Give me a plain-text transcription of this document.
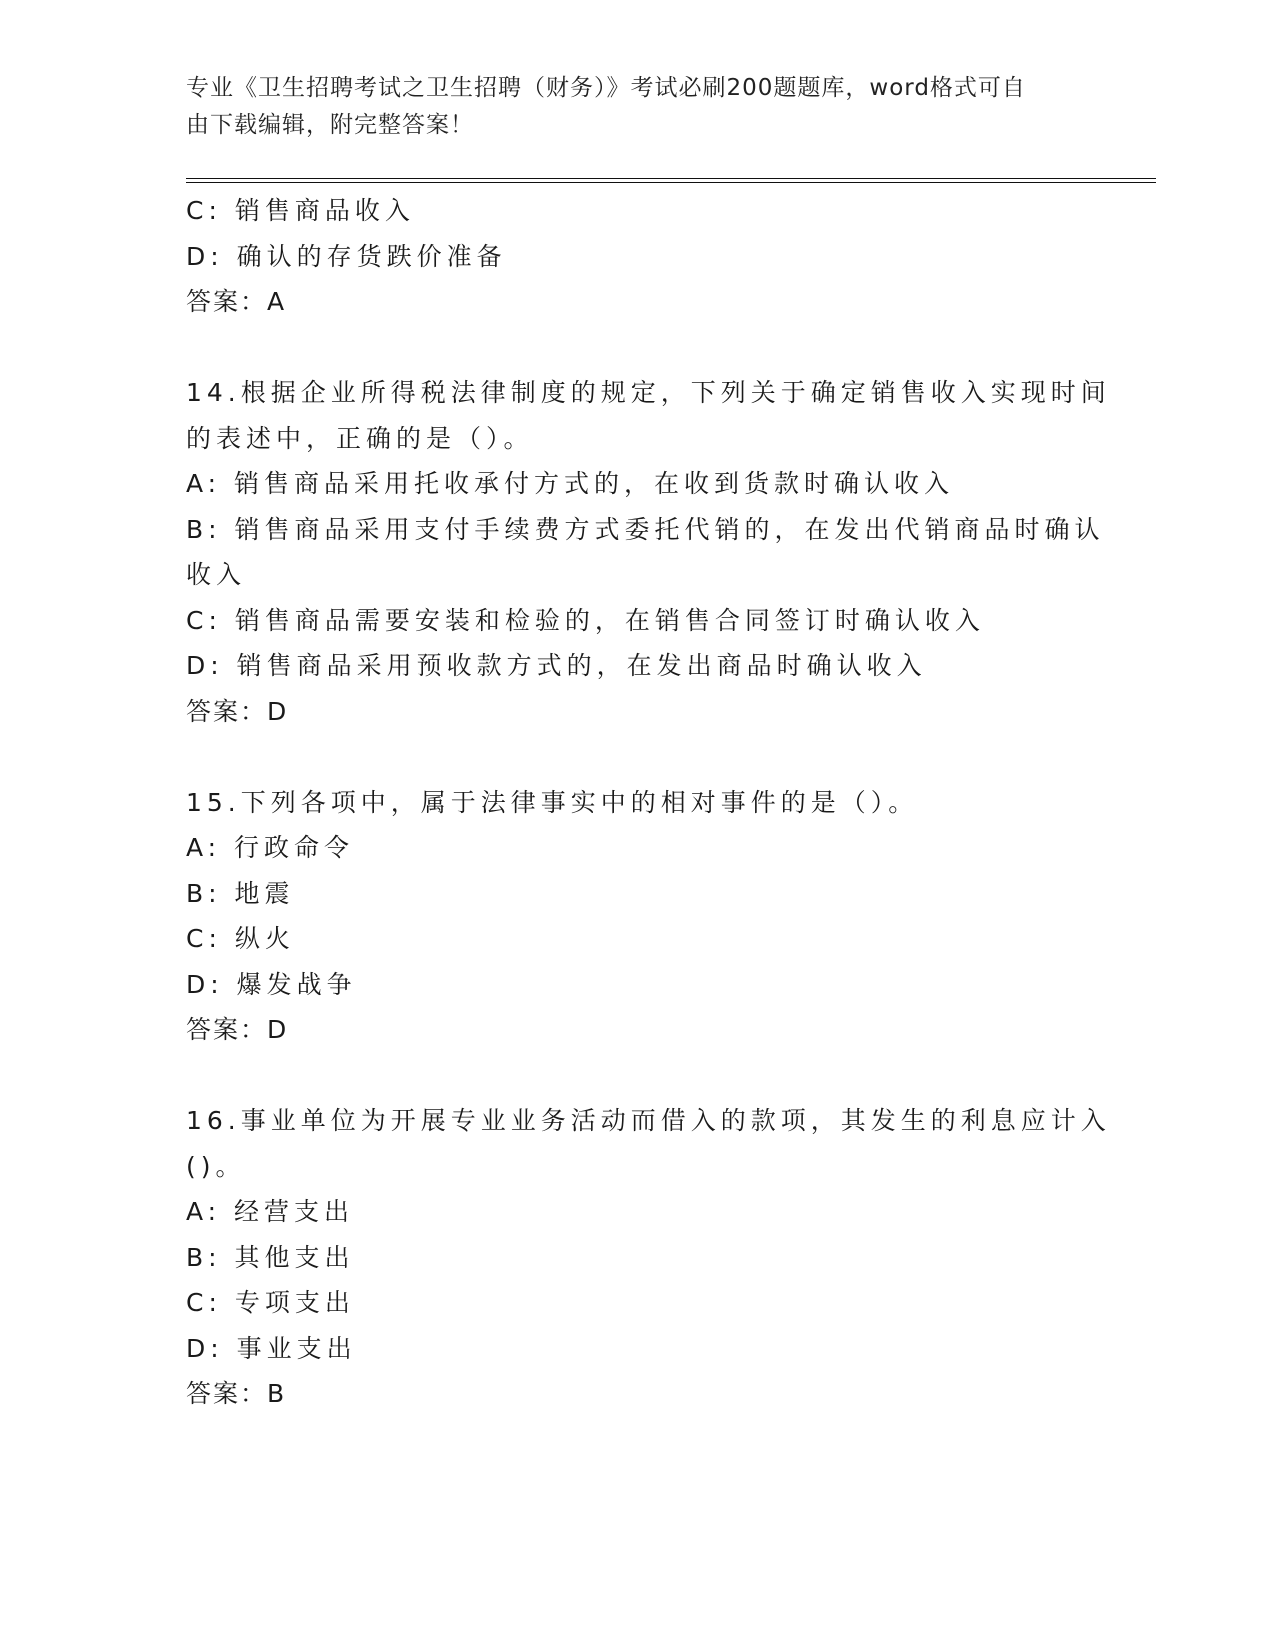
专业《卫生招聘考试之卫生招聘（财务）》考试必刷200题题库，word格式可自
由下载编辑，附完整答案！
C: 销售商品收入
D: 确认的存货跌价准备
答案：A
14.根据企业所得税法律制度的规定，下列关于确定销售收入实现时间
的表述中，正确的是（）。
A: 销售商品采用托收承付方式的，在收到货款时确认收入
B: 销售商品采用支付手续费方式委托代销的，在发出代销商品时确认
收入
C: 销售商品需要安装和检验的，在销售合同签订时确认收入
D: 销售商品采用预收款方式的，在发出商品时确认收入
答案：D
15.下列各项中，属于法律事实中的相对事件的是（）。
A: 行政命令
B: 地震
C: 纵火
D: 爆发战争
答案：D
16.事业单位为开展专业业务活动而借入的款项，其发生的利息应计入
()。
A: 经营支出
B: 其他支出
C: 专项支出
D: 事业支出
答案：B
